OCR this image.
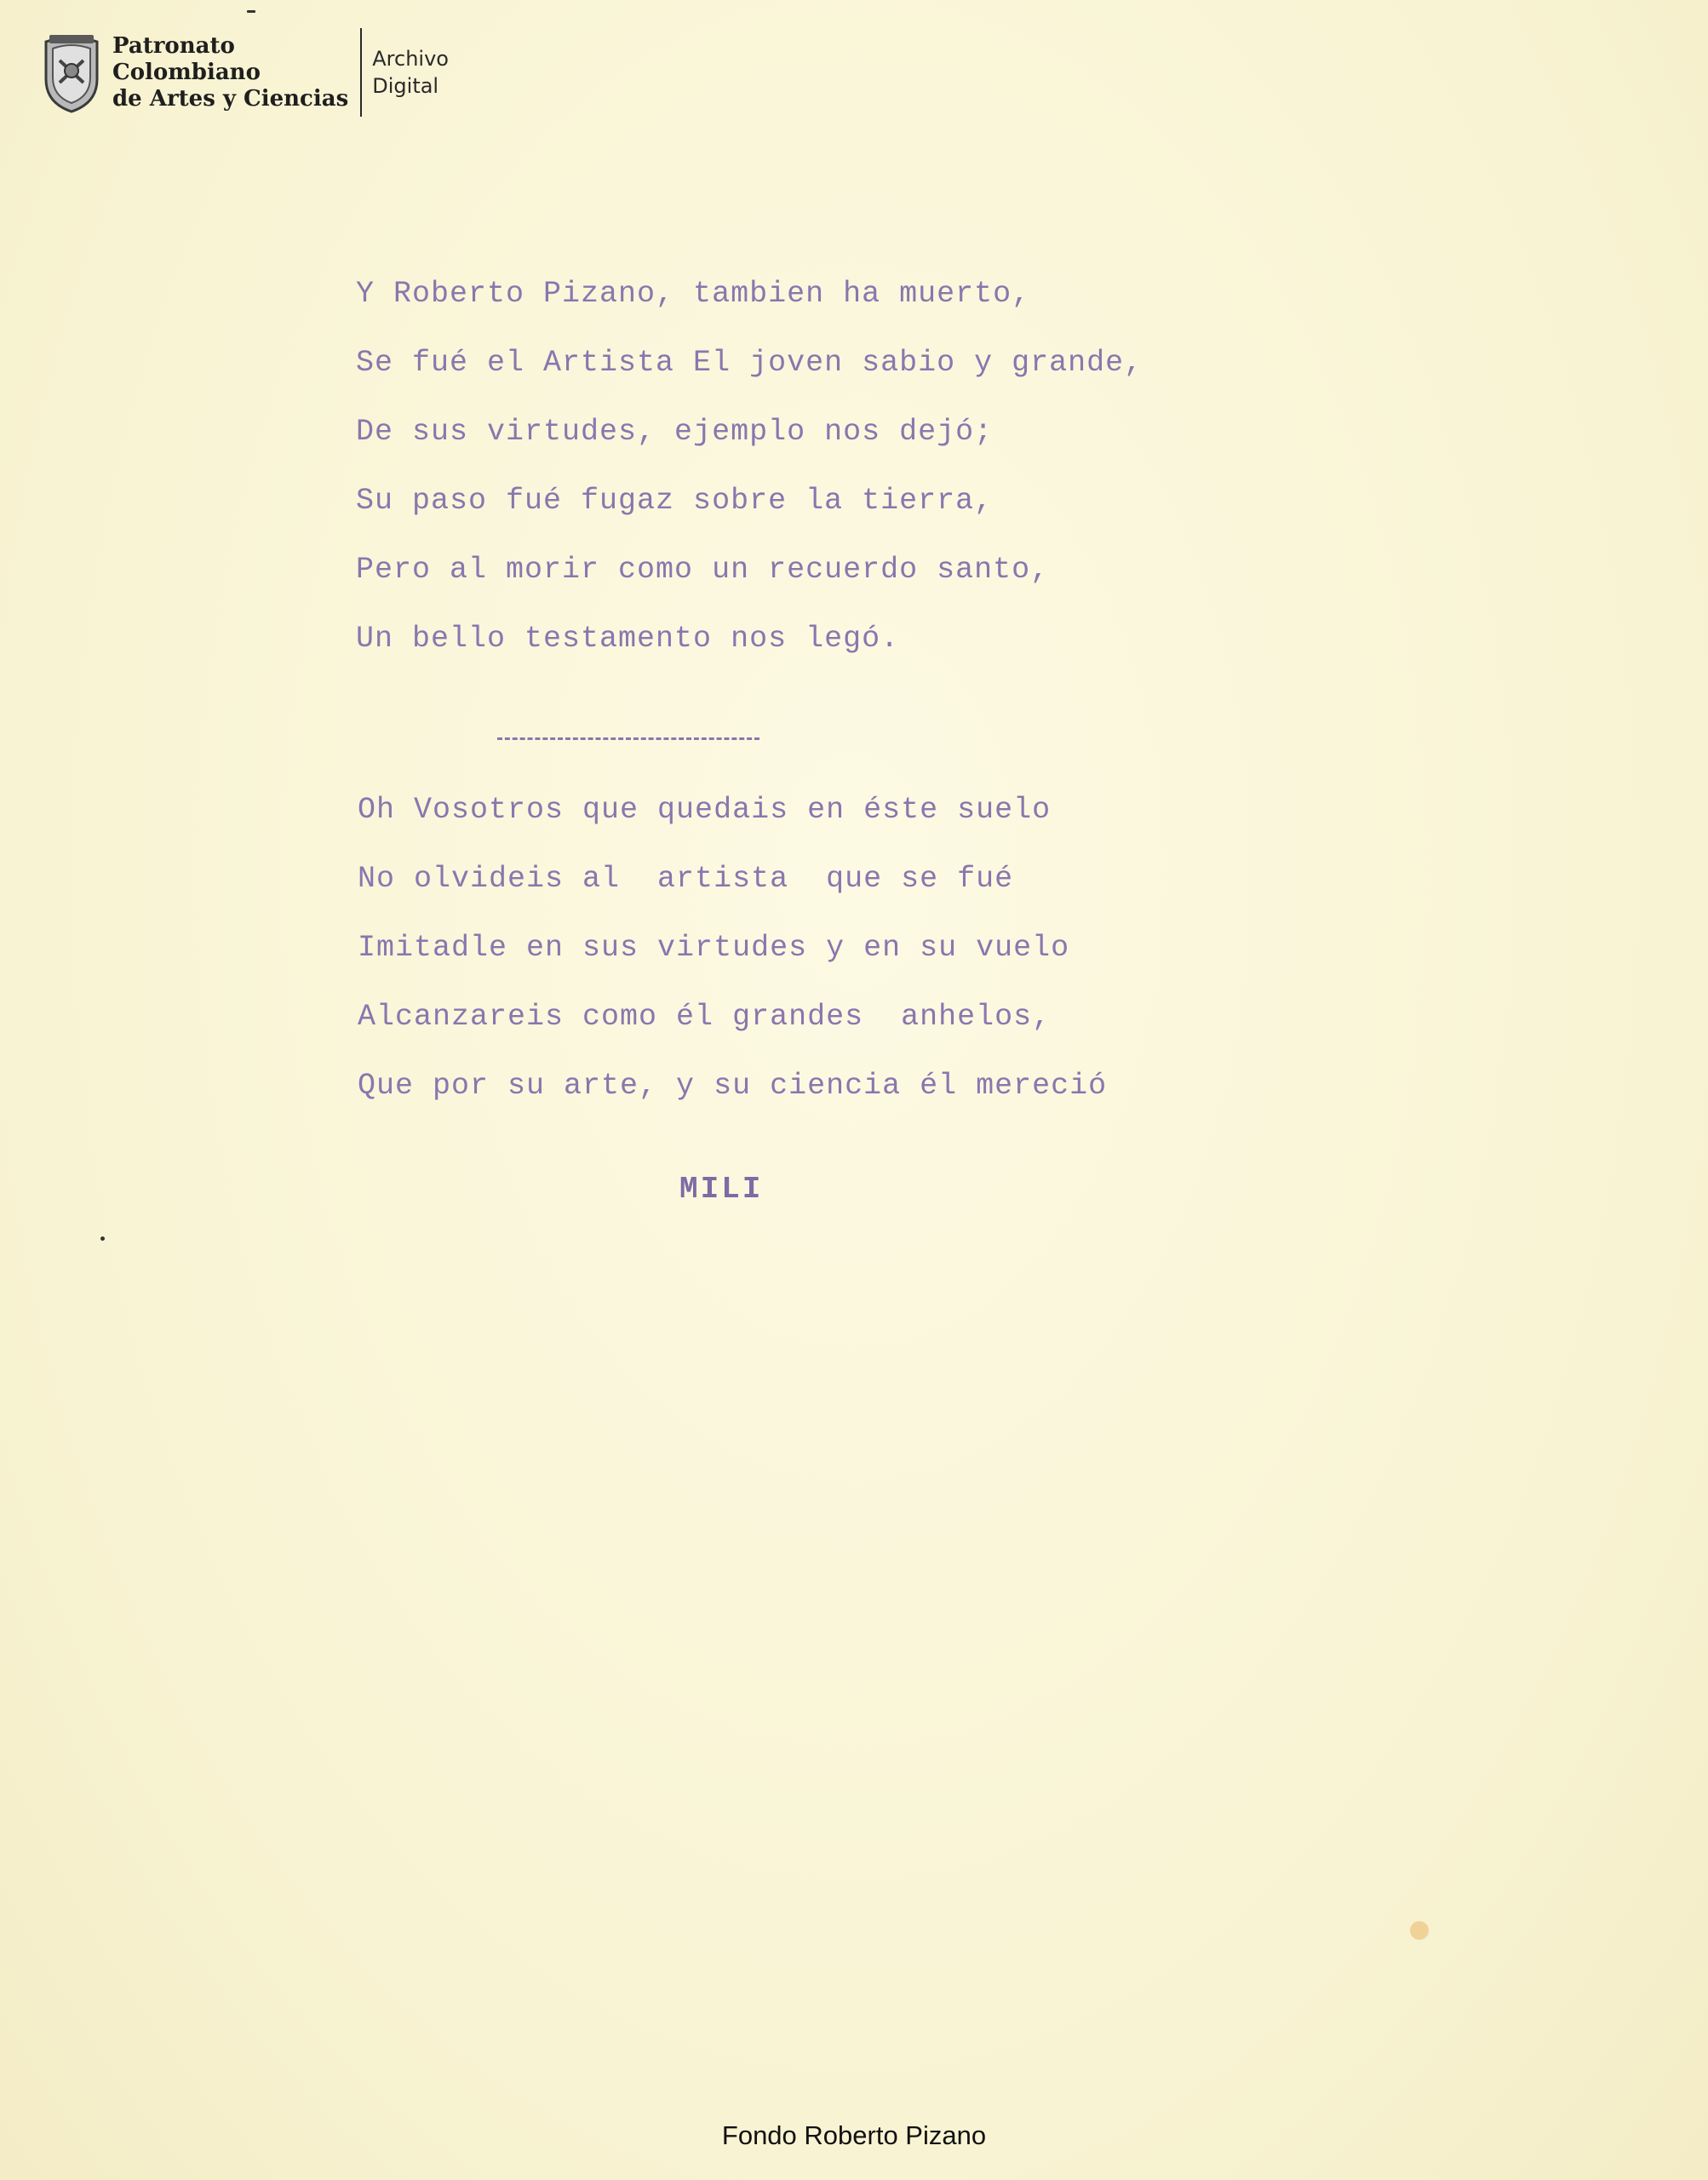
Patronato
Colombiano
de Artes y Ciencias
Archivo
Digital
Y Roberto Pizano, tambien ha muerto,
Se fué el Artista El joven sabio y grande,
De sus virtudes, ejemplo nos dejó;
Su paso fué fugaz sobre la tierra,
Pero al morir como un recuerdo santo,
Un bello testamento nos legó.
Oh Vosotros que quedais en éste suelo
No olvideis al  artista  que se fué
Imitadle en sus virtudes y en su vuelo
Alcanzareis como él grandes  anhelos,
Que por su arte, y su ciencia él mereció
MILI
Fondo Roberto Pizano
